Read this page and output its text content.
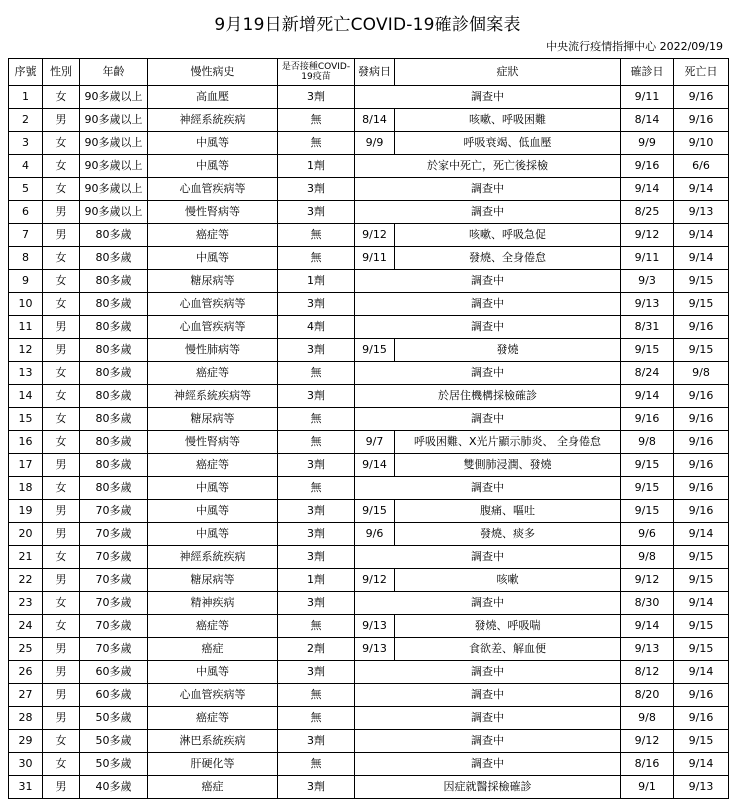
9月19日新增死亡COVID-19確診個案表
中央流行疫情指揮中心 2022/09/19
序號	性別	年齡	慢性病史	是否接種COVID-19疫苗	發病日	症狀	確診日	死亡日
1	女	90多歲以上	高血壓	3劑	調查中		9/11	9/16
2	男	90多歲以上	神經系統疾病	無	8/14	咳嗽、呼吸困難	8/14	9/16
3	女	90多歲以上	中風等	無	9/9	呼吸衰竭、低血壓	9/9	9/10
4	女	90多歲以上	中風等	1劑	於家中死亡，死亡後採檢		9/16	6/6
5	女	90多歲以上	心血管疾病等	3劑	調查中		9/14	9/14
6	男	90多歲以上	慢性腎病等	3劑	調查中		8/25	9/13
7	男	80多歲	癌症等	無	9/12	咳嗽、呼吸急促	9/12	9/14
8	女	80多歲	中風等	無	9/11	發燒、全身倦怠	9/11	9/14
9	女	80多歲	糖尿病等	1劑	調查中		9/3	9/15
10	女	80多歲	心血管疾病等	3劑	調查中		9/13	9/15
11	男	80多歲	心血管疾病等	4劑	調查中		8/31	9/16
12	男	80多歲	慢性肺病等	3劑	9/15	發燒	9/15	9/15
13	女	80多歲	癌症等	無	調查中		8/24	9/8
14	女	80多歲	神經系統疾病等	3劑	於居住機構採檢確診		9/14	9/16
15	女	80多歲	糖尿病等	無	調查中		9/16	9/16
16	女	80多歲	慢性腎病等	無	9/7	呼吸困難、X光片顯示肺炎、 全身倦怠	9/8	9/16
17	男	80多歲	癌症等	3劑	9/14	雙側肺浸潤、發燒	9/15	9/16
18	女	80多歲	中風等	無	調查中		9/15	9/16
19	男	70多歲	中風等	3劑	9/15	腹痛、嘔吐	9/15	9/16
20	男	70多歲	中風等	3劑	9/6	發燒、痰多	9/6	9/14
21	女	70多歲	神經系統疾病	3劑	調查中		9/8	9/15
22	男	70多歲	糖尿病等	1劑	9/12	咳嗽	9/12	9/15
23	女	70多歲	精神疾病	3劑	調查中		8/30	9/14
24	女	70多歲	癌症等	無	9/13	發燒、呼吸喘	9/14	9/15
25	男	70多歲	癌症	2劑	9/13	食欲差、解血便	9/13	9/15
26	男	60多歲	中風等	3劑	調查中		8/12	9/14
27	男	60多歲	心血管疾病等	無	調查中		8/20	9/16
28	男	50多歲	癌症等	無	調查中		9/8	9/16
29	女	50多歲	淋巴系統疾病	3劑	調查中		9/12	9/15
30	女	50多歲	肝硬化等	無	調查中		8/16	9/14
31	男	40多歲	癌症	3劑	因症就醫採檢確診		9/1	9/13
